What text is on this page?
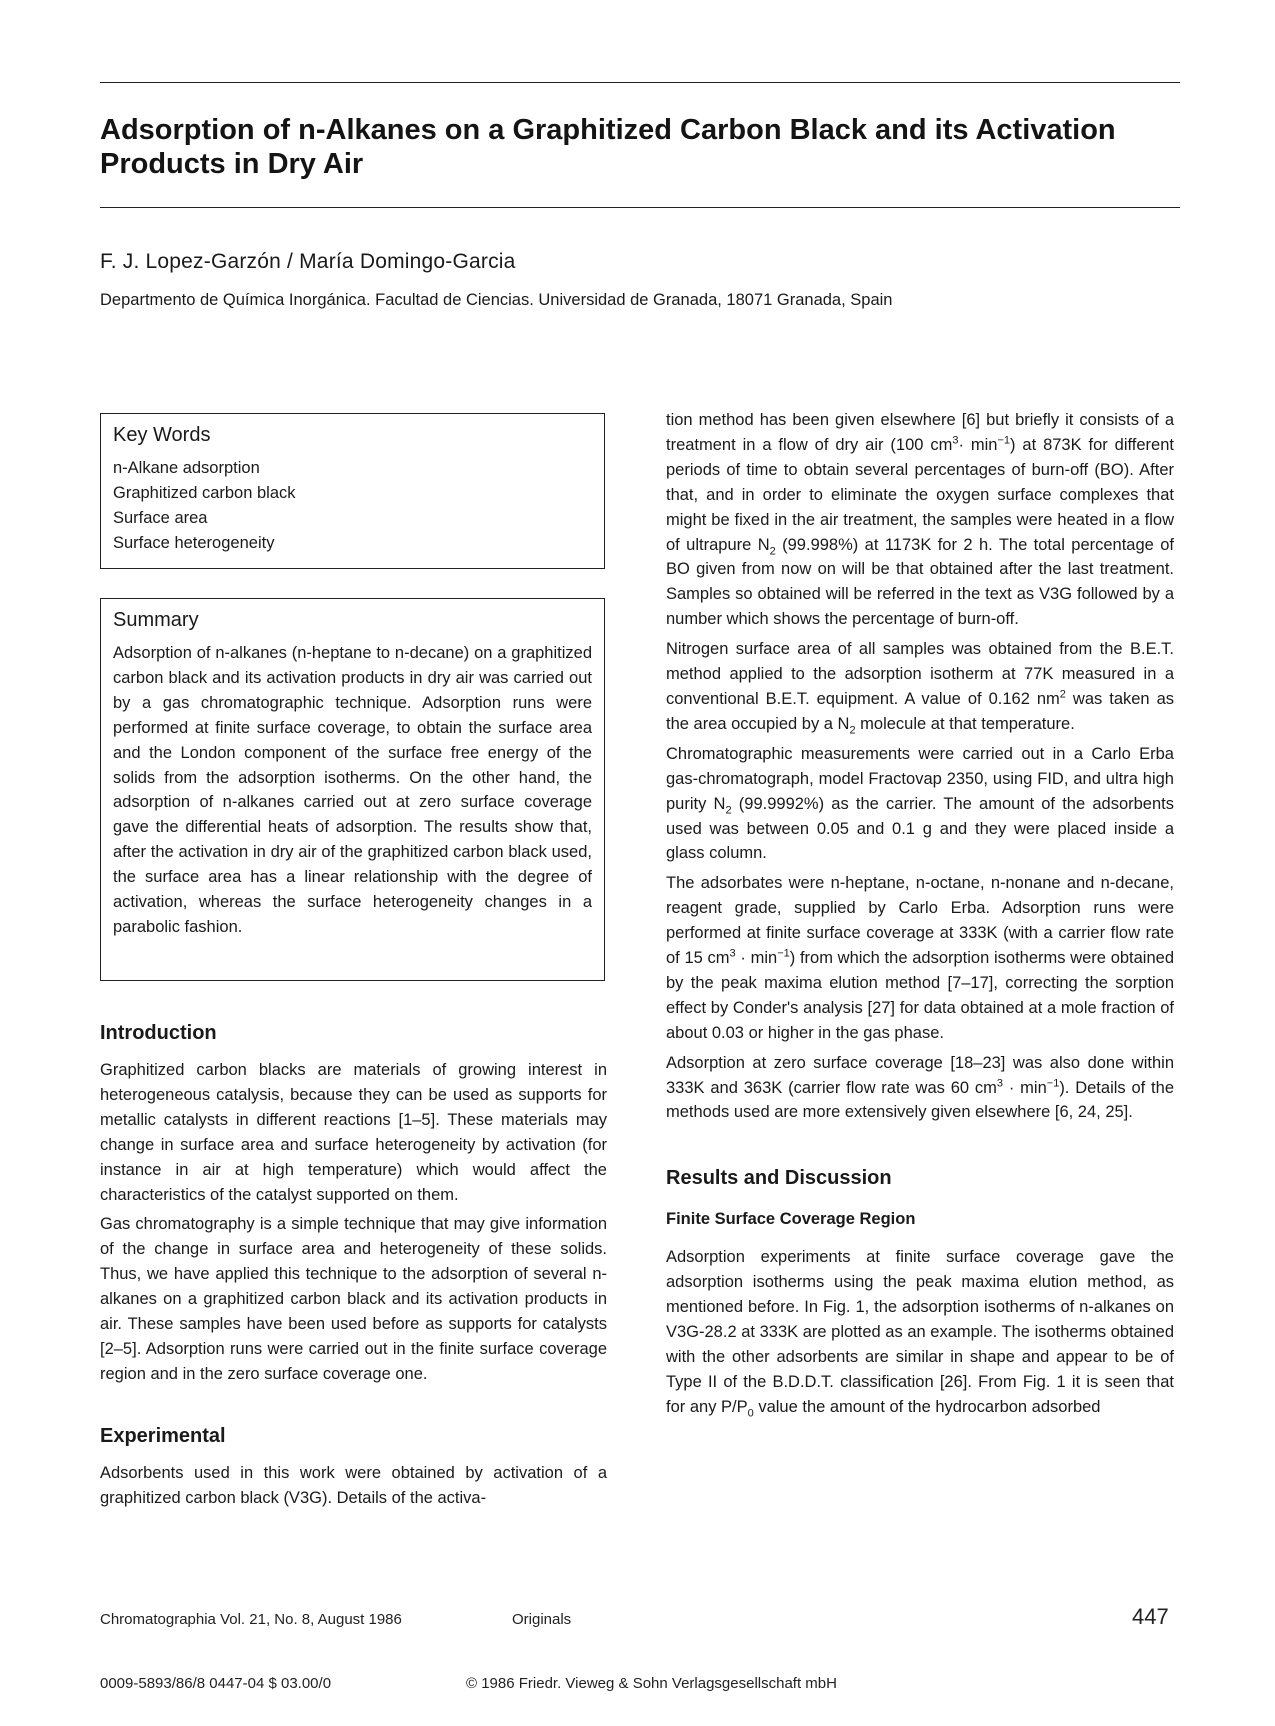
Adsorption of n-Alkanes on a Graphitized Carbon Black and its Activation Products in Dry Air

F. J. Lopez-Garzón / María Domingo-Garcia

Departmento de Química Inorgánica. Facultad de Ciencias. Universidad de Granada, 18071 Granada, Spain

Key Words
n-Alkane adsorption
Graphitized carbon black
Surface area
Surface heterogeneity
Summary

Adsorption of n-alkanes (n-heptane to n-decane) on a graphitized carbon black and its activation products in dry air was carried out by a gas chromatographic technique. Adsorption runs were performed at finite surface coverage, to obtain the surface area and the London component of the surface free energy of the solids from the adsorption isotherms. On the other hand, the adsorption of n-alkanes carried out at zero surface coverage gave the differential heats of adsorption. The results show that, after the activation in dry air of the graphitized carbon black used, the surface area has a linear relationship with the degree of activation, whereas the surface heterogeneity changes in a parabolic fashion.

Introduction

Graphitized carbon blacks are materials of growing interest in heterogeneous catalysis, because they can be used as supports for metallic catalysts in different reactions [1–5]. These materials may change in surface area and surface heterogeneity by activation (for instance in air at high temperature) which would affect the characteristics of the catalyst supported on them.

Gas chromatography is a simple technique that may give information of the change in surface area and heterogeneity of these solids. Thus, we have applied this technique to the adsorption of several n-alkanes on a graphitized carbon black and its activation products in air. These samples have been used before as supports for catalysts [2–5]. Adsorption runs were carried out in the finite surface coverage region and in the zero surface coverage one.

Experimental

Adsorbents used in this work were obtained by activation of a graphitized carbon black (V3G). Details of the activa-

tion method has been given elsewhere [6] but briefly it consists of a treatment in a flow of dry air (100 $cm^3\cdot \min^{-1}$) at 873K for different periods of time to obtain several percentages of burn-off (BO). After that, and in order to eliminate the oxygen surface complexes that might be fixed in the air treatment, the samples were heated in a flow of ultrapure $N_2$ (99.998%) at 1173K for 2 h. The total percentage of BO given from now on will be that obtained after the last treatment. Samples so obtained will be referred in the text as V3G followed by a number which shows the percentage of burn-off.

Nitrogen surface area of all samples was obtained from the B.E.T. method applied to the adsorption isotherm at 77K measured in a conventional B.E.T. equipment. A value of 0.162 $nm^2$ was taken as the area occupied by a $N_2$ molecule at that temperature.

Chromatographic measurements were carried out in a Carlo Erba gas-chromatograph, model Fractovap 2350, using FID, and ultra high purity $N_2$ (99.9992%) as the carrier. The amount of the adsorbents used was between 0.05 and 0.1 g and they were placed inside a glass column.

The adsorbates were n-heptane, n-octane, n-nonane and n-decane, reagent grade, supplied by Carlo Erba. Adsorption runs were performed at finite surface coverage at 333K (with a carrier flow rate of 15 $cm^3 \cdot \min^{-1}$) from which the adsorption isotherms were obtained by the peak maxima elution method [7–17], correcting the sorption effect by Conder's analysis [27] for data obtained at a mole fraction of about 0.03 or higher in the gas phase.

Adsorption at zero surface coverage [18–23] was also done within 333K and 363K (carrier flow rate was 60 $cm^3 \cdot \min^{-1}$). Details of the methods used are more extensively given elsewhere [6, 24, 25].

Results and Discussion
Finite Surface Coverage Region

Adsorption experiments at finite surface coverage gave the adsorption isotherms using the peak maxima elution method, as mentioned before. In Fig. 1, the adsorption isotherms of n-alkanes on V3G-28.2 at 333K are plotted as an example. The isotherms obtained with the other adsorbents are similar in shape and appear to be of Type II of the B.D.D.T. classification [26]. From Fig. 1 it is seen that for any $P/P_0$ value the amount of the hydrocarbon adsorbed

Chromatographia Vol. 21, No. 8, August 1986	Originals	447
0009-5893/86/8 0447-04 $ 03.00/0	© 1986 Friedr. Vieweg & Sohn Verlagsgesellschaft mbH
